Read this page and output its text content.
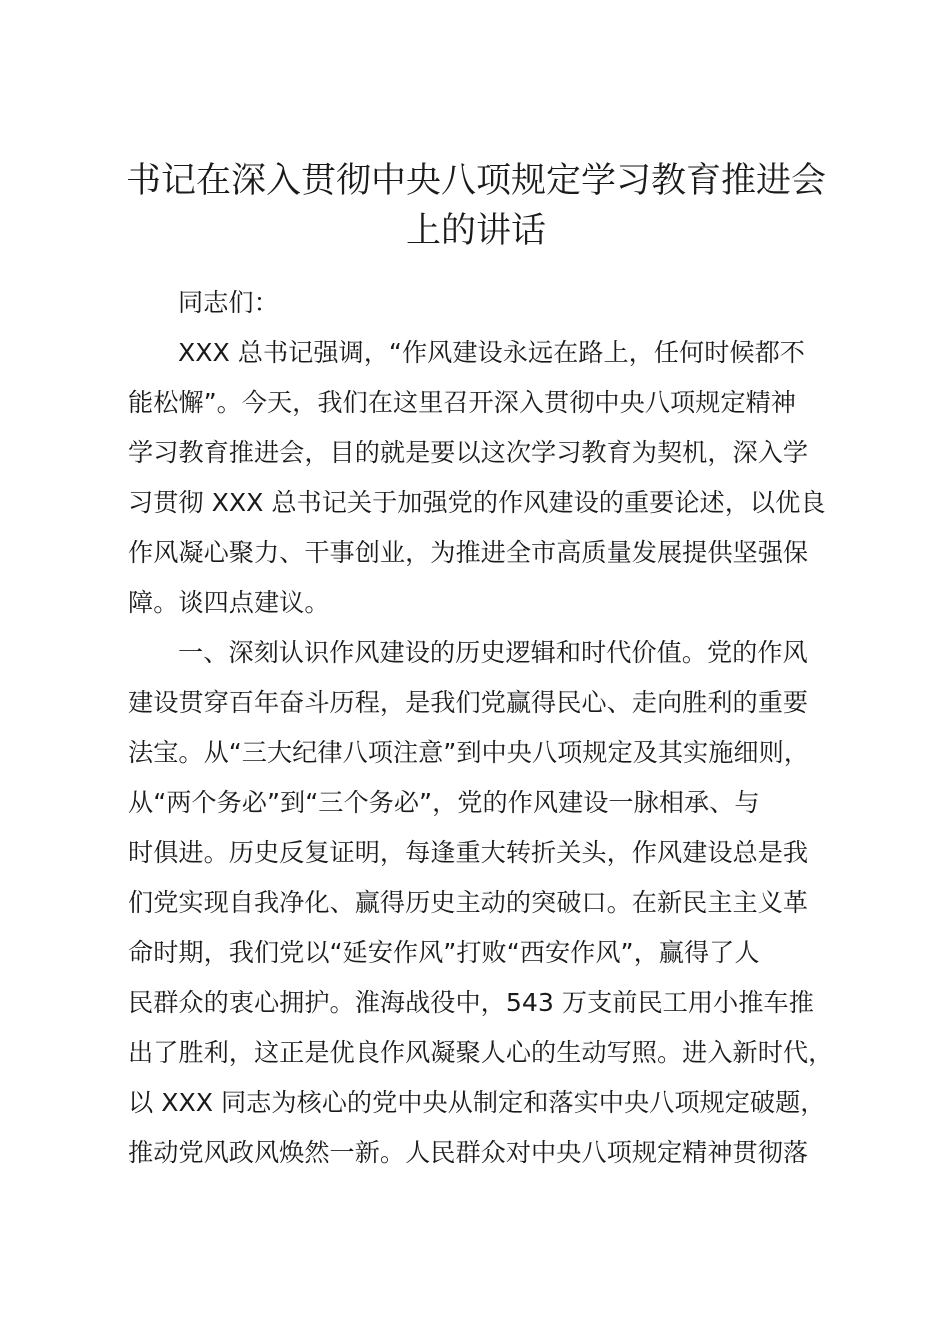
书记在深入贯彻中央八项规定学习教育推进会
上的讲话

同志们：

XXX 总书记强调，“作风建设永远在路上，任何时候都不
能松懈”。今天，我们在这里召开深入贯彻中央八项规定精神
学习教育推进会，目的就是要以这次学习教育为契机，深入学
习贯彻 XXX 总书记关于加强党的作风建设的重要论述，以优良
作风凝心聚力、干事创业，为推进全市高质量发展提供坚强保
障。谈四点建议。

一、深刻认识作风建设的历史逻辑和时代价值。党的作风
建设贯穿百年奋斗历程，是我们党赢得民心、走向胜利的重要
法宝。从“三大纪律八项注意”到中央八项规定及其实施细则，
从“两个务必”到“三个务必”，党的作风建设一脉相承、与
时俱进。历史反复证明，每逢重大转折关头，作风建设总是我
们党实现自我净化、赢得历史主动的突破口。在新民主主义革
命时期，我们党以“延安作风”打败“西安作风”，赢得了人
民群众的衷心拥护。淮海战役中，543 万支前民工用小推车推
出了胜利，这正是优良作风凝聚人心的生动写照。进入新时代，
以 XXX 同志为核心的党中央从制定和落实中央八项规定破题，
推动党风政风焕然一新。人民群众对中央八项规定精神贯彻落
